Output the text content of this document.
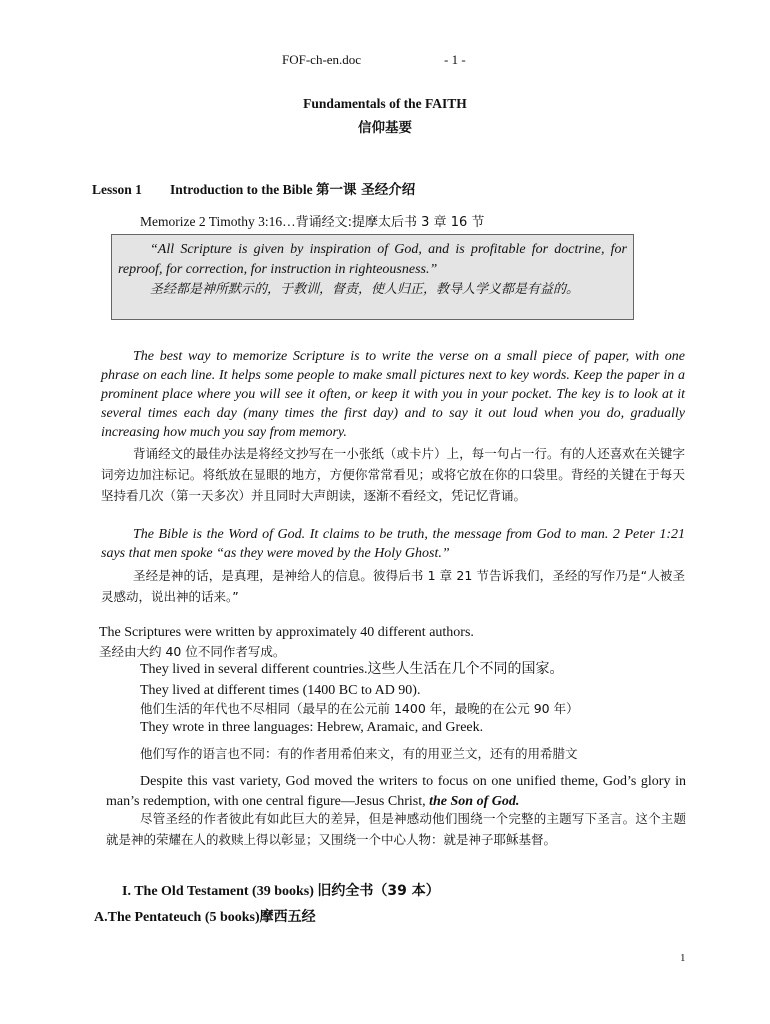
FOF-ch-en.doc	- 1 -
Fundamentals of the FAITH
信仰基要
Lesson 1 Introduction to the Bible 第一课 圣经介绍
Memorize 2 Timothy 3:16…背诵经文:提摩太后书 3 章 16 节

“All Scripture is given by inspiration of God, and is profitable for doctrine, for reproof, for correction, for instruction in righteousness.”

圣经都是神所默示的，于教训，督责，使人归正，教导人学义都是有益的。

The best way to memorize Scripture is to write the verse on a small piece of paper, with one phrase on each line. It helps some people to make small pictures next to key words. Keep the paper in a prominent place where you will see it often, or keep it with you in your pocket. The key is to look at it several times each day (many times the first day) and to say it out loud when you do, gradually increasing how much you say from memory.

背诵经文的最佳办法是将经文抄写在一小张纸（或卡片）上，每一句占一行。有的人还喜欢在关键字词旁边加注标记。将纸放在显眼的地方，方便你常常看见；或将它放在你的口袋里。背经的关键在于每天坚持看几次（第一天多次）并且同时大声朗读，逐渐不看经文，凭记忆背诵。

The Bible is the Word of God. It claims to be truth, the message from God to man. 2 Peter 1:21 says that men spoke “as they were moved by the Holy Ghost.”

圣经是神的话，是真理，是神给人的信息。彼得后书 1 章 21 节告诉我们，圣经的写作乃是“人被圣灵感动，说出神的话来。”

The Scriptures were written by approximately 40 different authors.
圣经由大约 40 位不同作者写成。
They lived in several different countries.这些人生活在几个不同的国家。
They lived at different times (1400 BC to AD 90).
他们生活的年代也不尽相同（最早的在公元前 1400 年，最晚的在公元 90 年）
They wrote in three languages: Hebrew, Aramaic, and Greek.
他们写作的语言也不同：有的作者用希伯来文，有的用亚兰文，还有的用希腊文

Despite this vast variety, God moved the writers to focus on one unified theme, God’s glory in man’s redemption, with one central figure—Jesus Christ, the Son of God.

尽管圣经的作者彼此有如此巨大的差异，但是神感动他们围绕一个完整的主题写下圣言。这个主题就是神的荣耀在人的救赎上得以彰显；又围绕一个中心人物：就是神子耶稣基督。

I. The Old Testament (39 books) 旧约全书（39 本）
A.The Pentateuch (5 books)摩西五经
1
